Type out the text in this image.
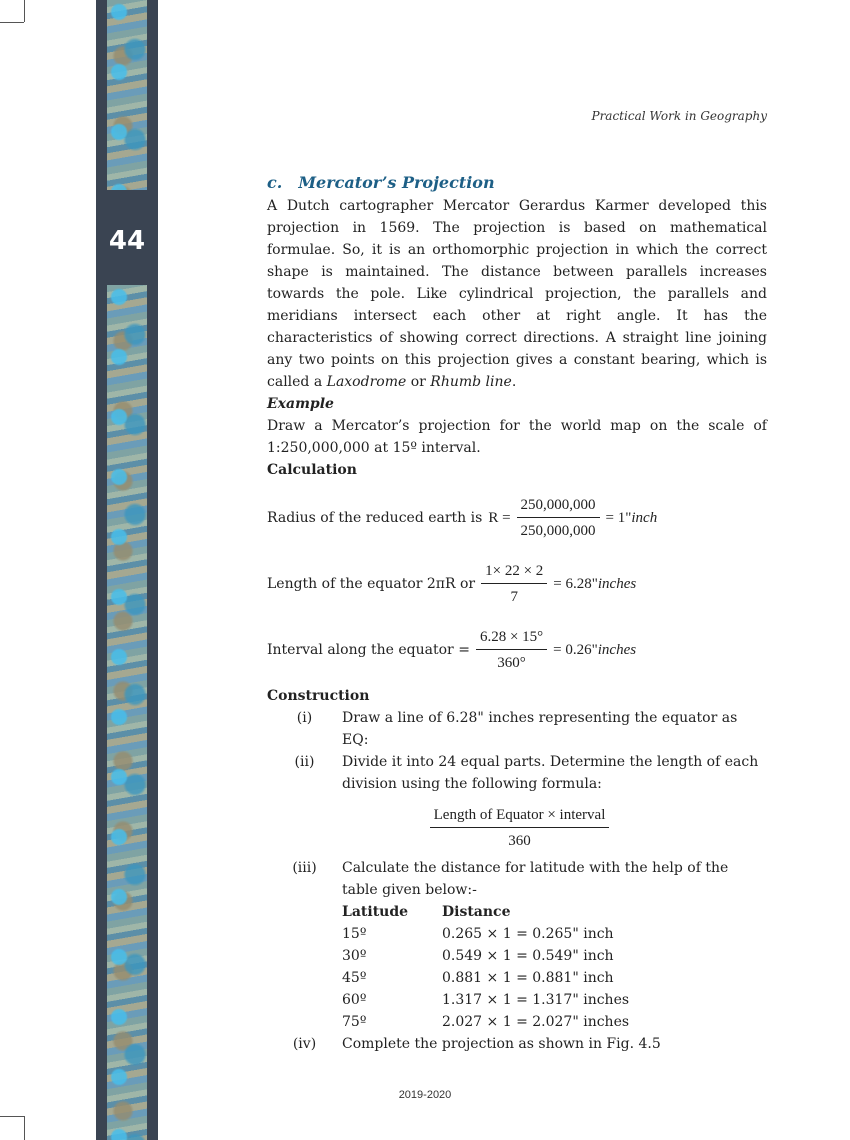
44
Practical Work in Geography
c. Mercator’s Projection

A Dutch cartographer Mercator Gerardus Karmer developed this projection in 1569. The projection is based on mathematical formulae. So, it is an orthomorphic projection in which the correct shape is maintained. The distance between parallels increases towards the pole. Like cylindrical projection, the parallels and meridians intersect each other at right angle. It has the characteristics of showing correct directions. A straight line joining any two points on this projection gives a constant bearing, which is called a Laxodrome or Rhumb line.

Example

Draw a Mercator’s projection for the world map on the scale of 1:250,000,000 at 15º interval.

Calculation
Radius of the reduced earth is $R = \frac{250,000,000}{250,000,000} = 1$" inch
Length of the equator 2πR or $\frac{1\times 22 \times 2}{7} = 6.28$" inches
Interval along the equator = $\frac{6.28 \times 15^\circ}{360^\circ} = 0.26$" inches
Construction
(i)	Draw a line of 6.28" inches representing the equator as EQ:
(ii)	Divide it into 24 equal parts. Determine the length of each division using the following formula:
$\frac{\text{Length of Equator × interval}}{360}$
(iii)	Calculate the distance for latitude with the help of the table given below:-
Latitude	Distance
15º	0.265 × 1 = 0.265" inch
30º	0.549 × 1 = 0.549" inch
45º	0.881 × 1 = 0.881" inch
60º	1.317 × 1 = 1.317" inches
75º	2.027 × 1 = 2.027" inches
(iv)	Complete the projection as shown in Fig. 4.5
2019-2020
